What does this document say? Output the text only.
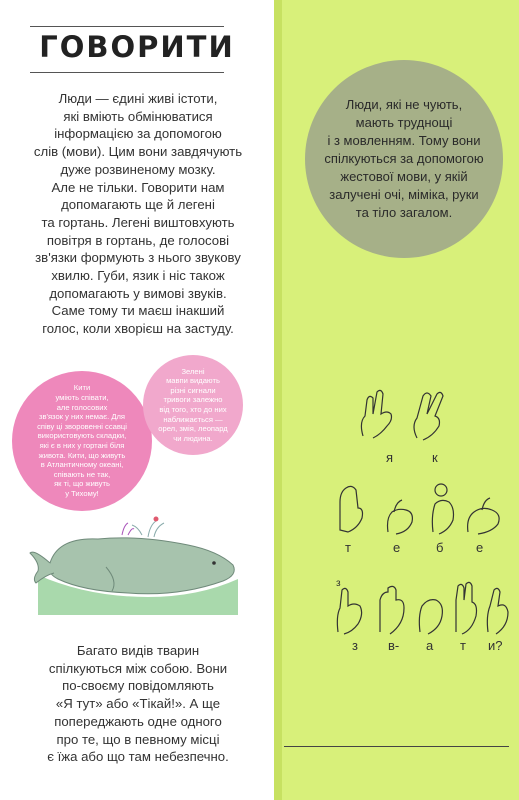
ГОВОРИТИ
Люди — єдині живі істоти,
які вміють обмінюватися
інформацією за допомогою
слів (мови). Цим вони завдячують
дуже розвиненому мозку.
Але не тільки. Говорити нам
допомагають ще й легені
та гортань. Легені виштовхують
повітря в гортань, де голосові
зв'язки формують з нього звукову
хвилю. Губи, язик і ніс також
допомагають у вимові звуків.
Саме тому ти маєш інакший
голос, коли хворієш на застуду.
Кити
уміють співати,
але голосових
зв'язок у них немає. Для
співу ці зворовенні ссавці
використовують складки,
які є в них у гортані біля
живота. Кити, що живуть
в Атлантичному океані,
співають не так,
як ті, що живуть
у Тихому!
Зелені
мавпи видають
різні сигнали
тривоги залежно
від того, хто до них
наближається —
орел, змія, леопард
чи людина.
Багато видів тварин
спілкуються між собою. Вони
по-своєму повідомляють
«Я тут» або «Тікай!». А ще
попереджають одне одного
про те, що в певному місці
є їжа або що там небезпечно.
Люди, які не чують,
мають труднощі
і з мовленням. Тому вони
спілкуються за допомогою
жестової мови, у якій
залучені очі, міміка, руки
та тіло загалом.
я	к
т	е	б	е
з
з в- а т и?
